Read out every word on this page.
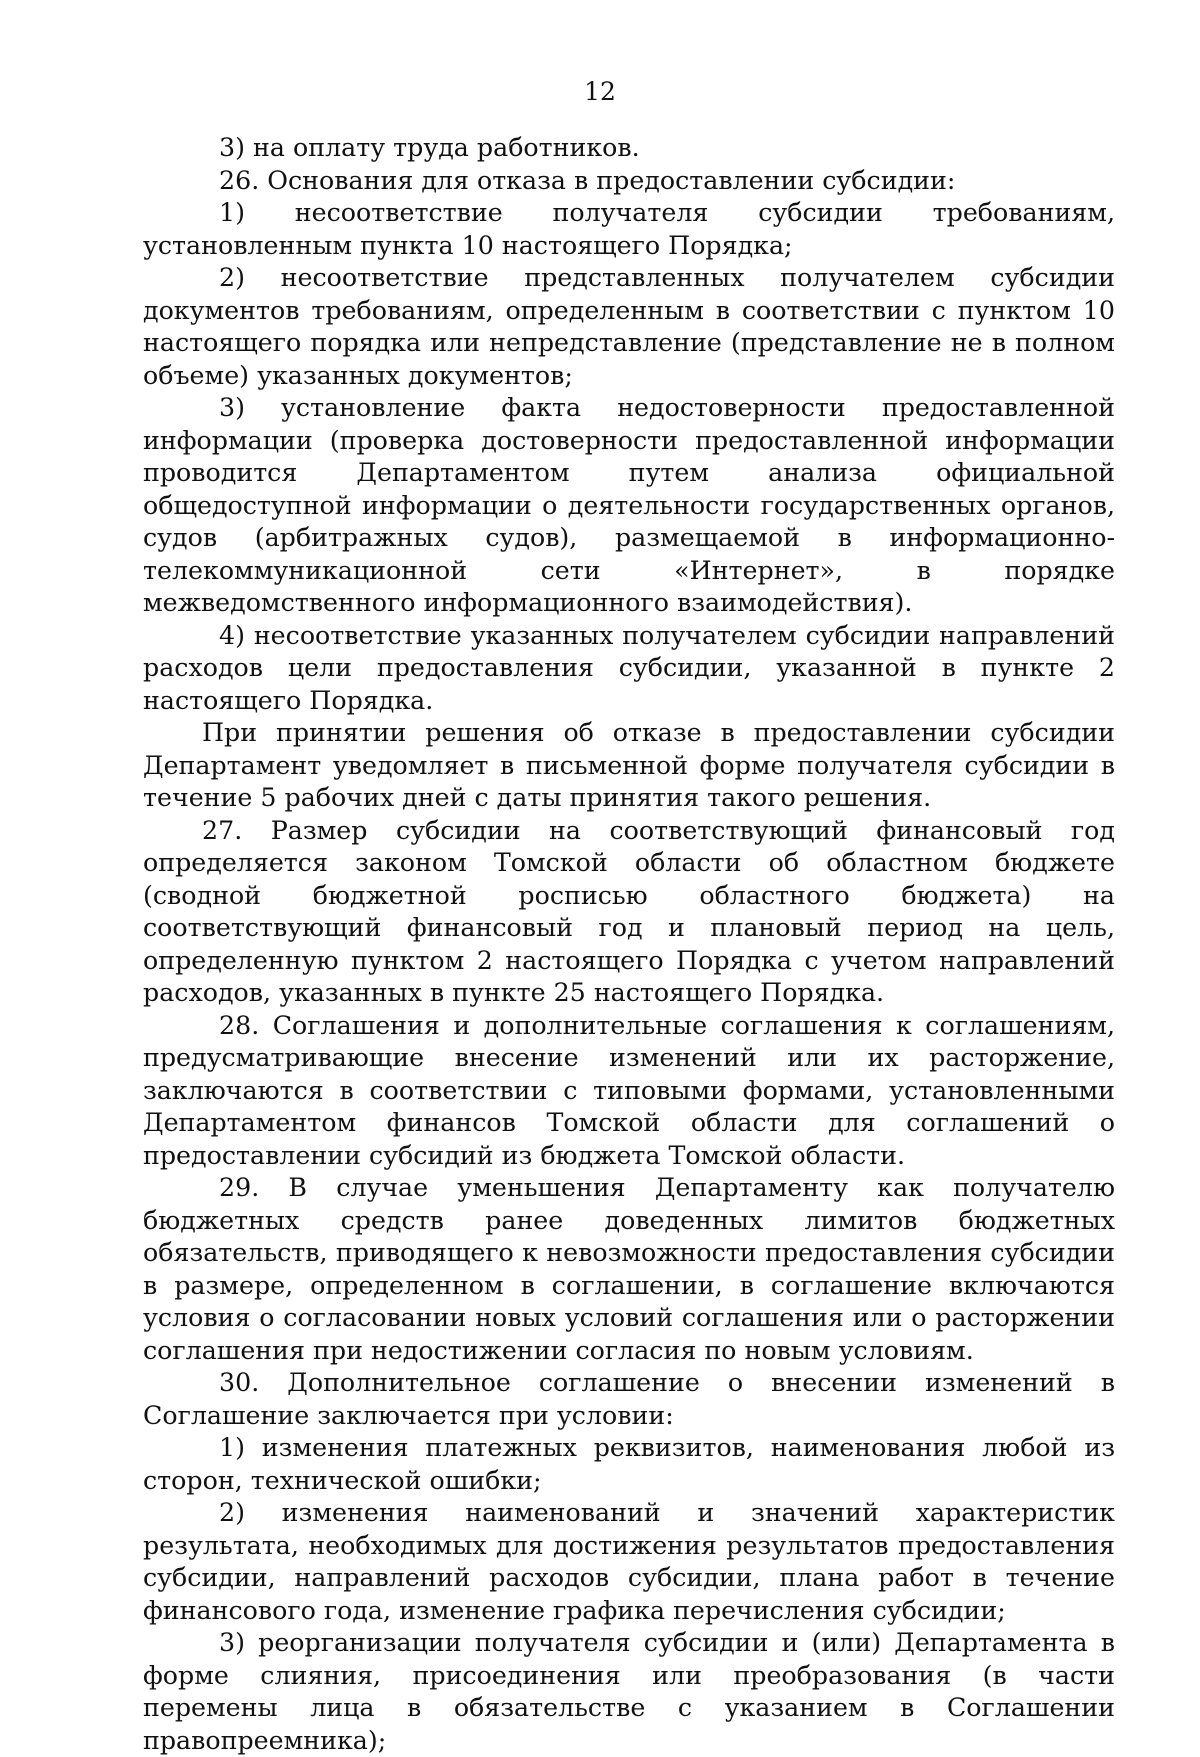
12

3) на оплату труда работников.

26. Основания для отказа в предоставлении субсидии:

1) несоответствие получателя субсидии требованиям, установленным пункта 10 настоящего Порядка;

2) несоответствие представленных получателем субсидии документов требованиям, определенным в соответствии с пунктом 10 настоящего порядка или непредставление (представление не в полном объеме) указанных документов;

3) установление факта недостоверности предоставленной информации (проверка достоверности предоставленной информации проводится Департаментом путем анализа официальной общедоступной информации о деятельности государственных органов, судов (арбитражных судов), размещаемой в информационно-телекоммуникационной сети «Интернет», в порядке межведомственного информационного взаимодействия).

4) несоответствие указанных получателем субсидии направлений расходов цели предоставления субсидии, указанной в пункте 2 настоящего Порядка.

При принятии решения об отказе в предоставлении субсидии Департамент уведомляет в письменной форме получателя субсидии в течение 5 рабочих дней с даты принятия такого решения.

27. Размер субсидии на соответствующий финансовый год определяется законом Томской области об областном бюджете (сводной бюджетной росписью областного бюджета) на соответствующий финансовый год и плановый период на цель, определенную пунктом 2 настоящего Порядка с учетом направлений расходов, указанных в пункте 25 настоящего Порядка.

28. Соглашения и дополнительные соглашения к соглашениям, предусматривающие внесение изменений или их расторжение, заключаются в соответствии с типовыми формами, установленными Департаментом финансов Томской области для соглашений о предоставлении субсидий из бюджета Томской области.

29. В случае уменьшения Департаменту как получателю бюджетных средств ранее доведенных лимитов бюджетных обязательств, приводящего к невозможности предоставления субсидии в размере, определенном в соглашении, в соглашение включаются условия о согласовании новых условий соглашения или о расторжении соглашения при недостижении согласия по новым условиям.

30. Дополнительное соглашение о внесении изменений в Соглашение заключается при условии:

1) изменения платежных реквизитов, наименования любой из сторон, технической ошибки;

2) изменения наименований и значений характеристик результата, необходимых для достижения результатов предоставления субсидии, направлений расходов субсидии, плана работ в течение финансового года, изменение графика перечисления субсидии;

3) реорганизации получателя субсидии и (или) Департамента в форме слияния, присоединения или преобразования (в части перемены лица в обязательстве с указанием в Соглашении правопреемника);
